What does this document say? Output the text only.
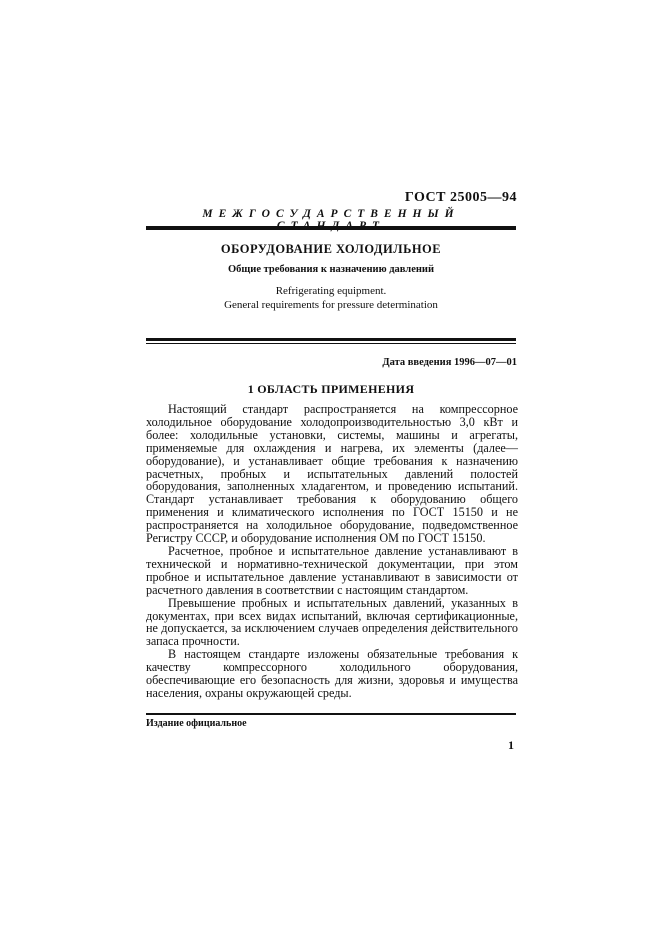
ГОСТ 25005—94
МЕЖГОСУДАРСТВЕННЫЙ
ОБОРУДОВАНИЕ ХОЛОДИЛЬНОЕ
Общие требования к назначению давлений
Refrigerating equipment.
General requirements for pressure determination
Дата введения 1996—07—01
1 ОБЛАСТЬ ПРИМЕНЕНИЯ

Настоящий стандарт распространяется на компрессорное холодильное оборудование холодопроизводительностью 3,0 кВт и более: холодильные установки, системы, машины и агрегаты, применяемые для охлаждения и нагрева, их элементы (далее—оборудование), и устанавливает общие требования к назначению расчетных, пробных и испытательных давлений полостей оборудования, заполненных хладагентом, и проведению испытаний. Стандарт устанавливает требования к оборудованию общего применения и климатического исполнения по ГОСТ 15150 и не распространяется на холодильное оборудование, подведомственное Регистру СССР, и оборудование исполнения ОМ по ГОСТ 15150.

Расчетное, пробное и испытательное давление устанавливают в технической и нормативно-технической документации, при этом пробное и испытательное давление устанавливают в зависимости от расчетного давления в соответствии с настоящим стандартом.

Превышение пробных и испытательных давлений, указанных в документах, при всех видах испытаний, включая сертификационные, не допускается, за исключением случаев определения действительного запаса прочности.

В настоящем стандарте изложены обязательные требования к качеству компрессорного холодильного оборудования, обеспечивающие его безопасность для жизни, здоровья и имущества населения, охраны окружающей среды.

Издание официальное
1
